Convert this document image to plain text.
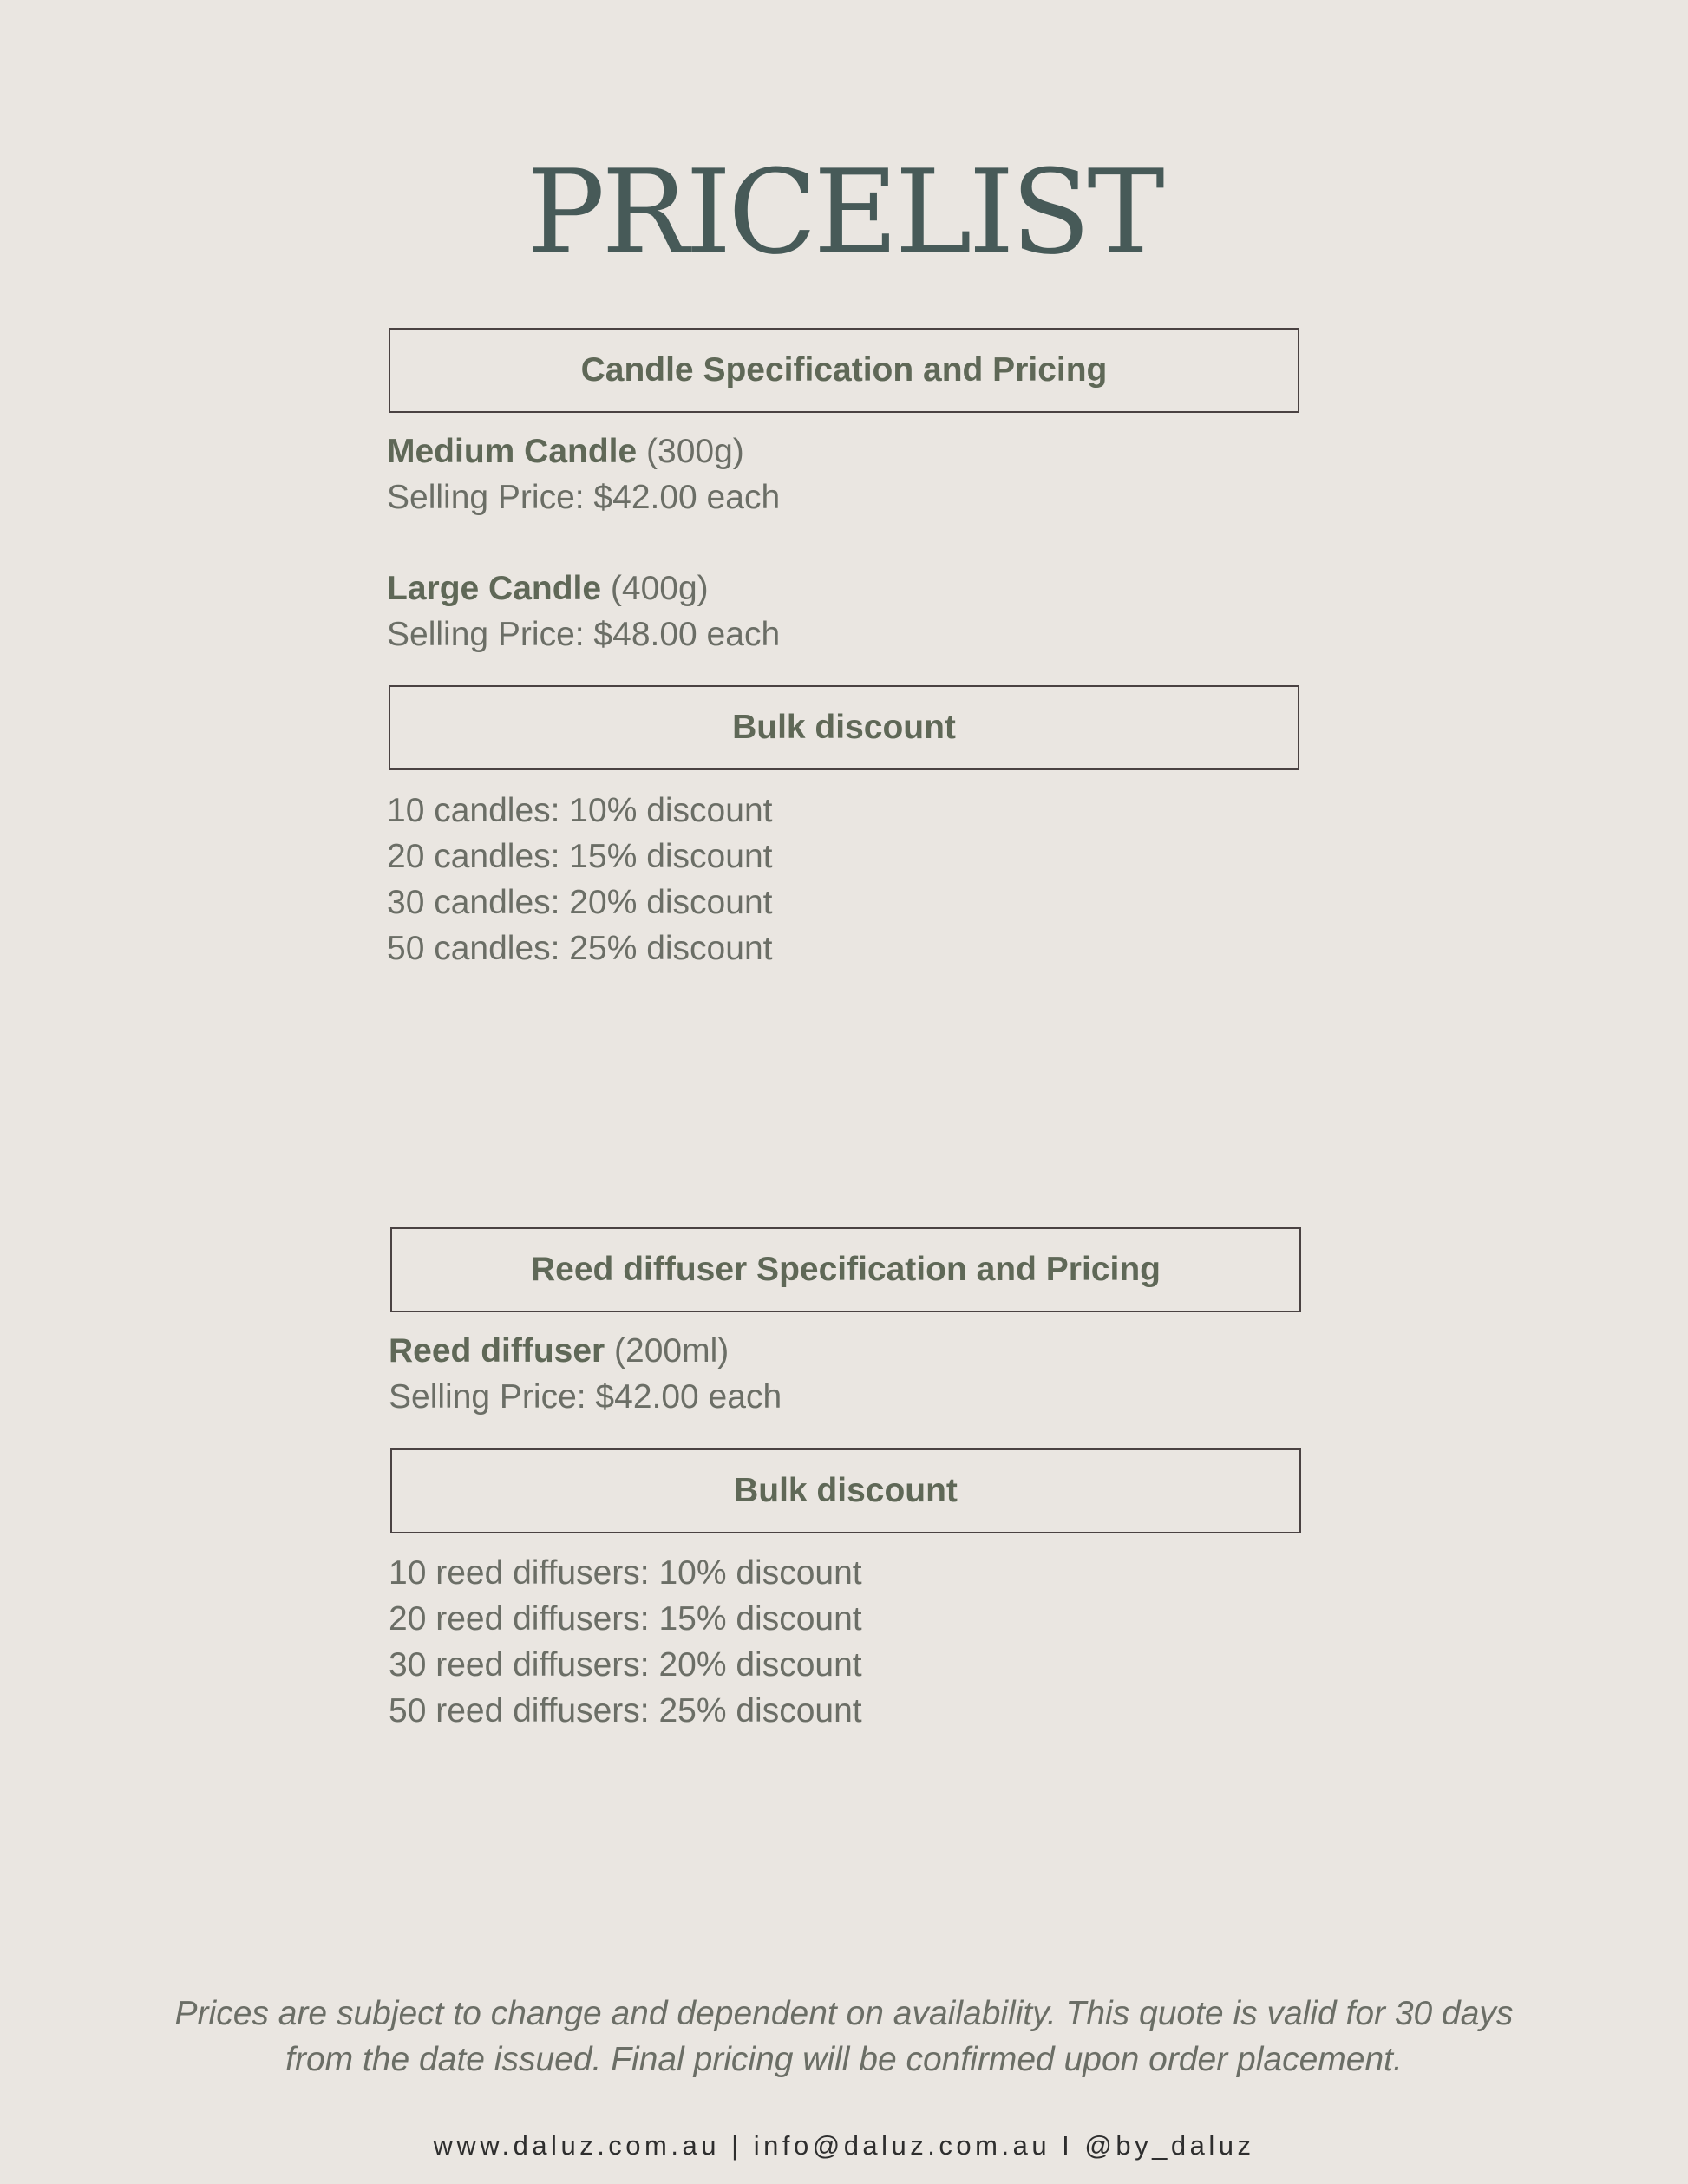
PRICELIST
Candle Specification and Pricing
Medium Candle (300g)
Selling Price: $42.00 each
Large Candle (400g)
Selling Price: $48.00 each
Bulk discount
10 candles: 10% discount
20 candles: 15% discount
30 candles: 20% discount
50 candles: 25% discount
Reed diffuser Specification and Pricing
Reed diffuser (200ml)
Selling Price: $42.00 each
Bulk discount
10 reed diffusers: 10% discount
20 reed diffusers: 15% discount
30 reed diffusers: 20% discount
50 reed diffusers: 25% discount
Prices are subject to change and dependent on availability. This quote is valid for 30 days
from the date issued. Final pricing will be confirmed upon order placement.
www.daluz.com.au | info@daluz.com.au I @by_daluz
